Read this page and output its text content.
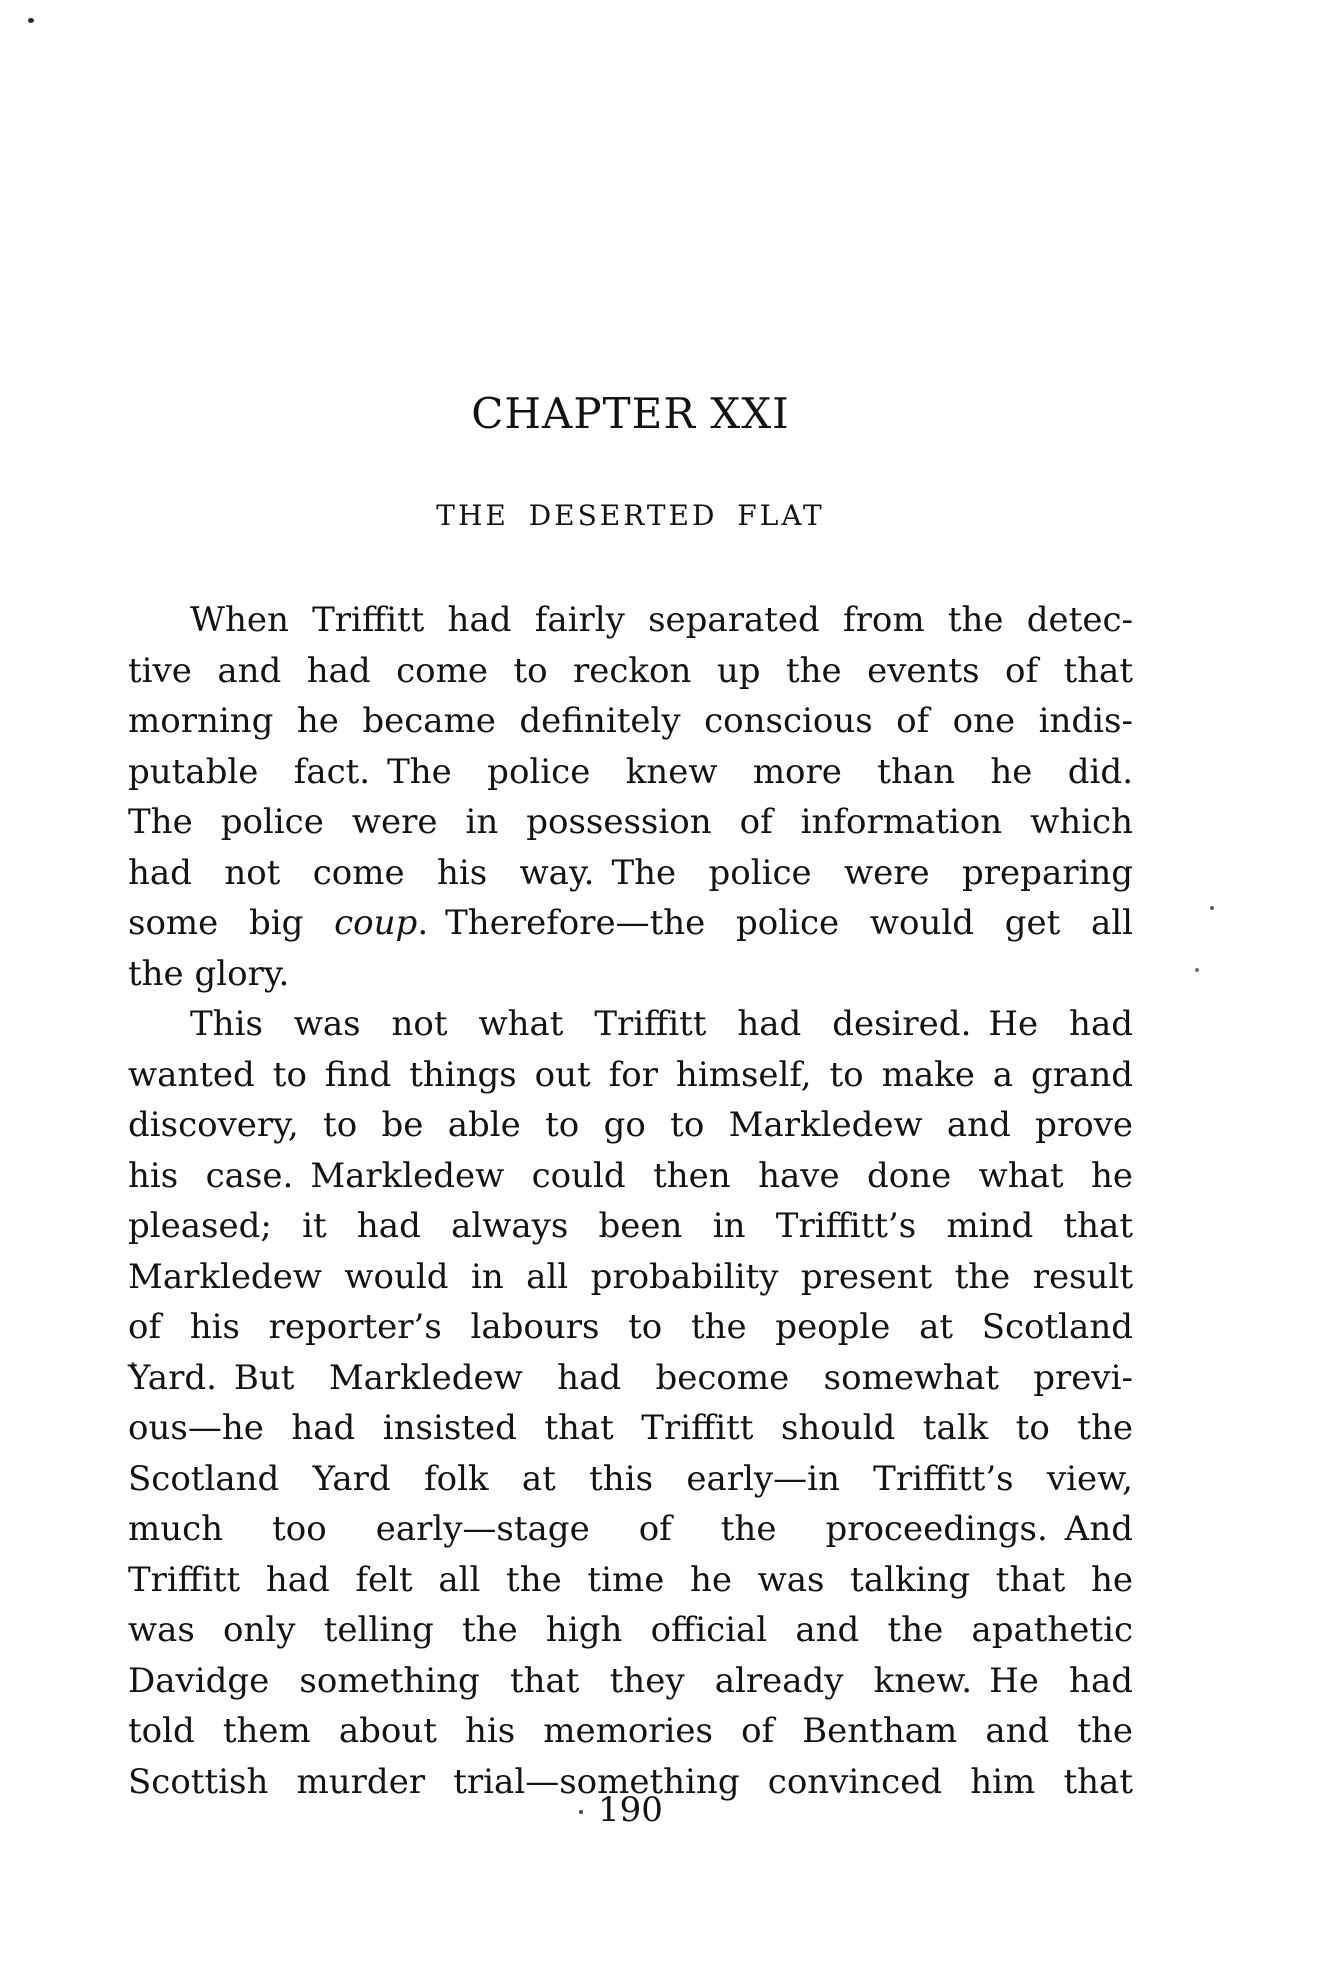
CHAPTER XXI
THE DESERTED FLAT
When Triffitt had fairly separated from the detec-
tive and had come to reckon up the events of that
morning he became definitely conscious of one indis-
putable fact. The police knew more than he did.
The police were in possession of information which
had not come his way. The police were preparing
some big coup. Therefore—the police would get all
the glory.
This was not what Triffitt had desired. He had
wanted to find things out for himself, to make a grand
discovery, to be able to go to Markledew and prove
his case. Markledew could then have done what he
pleased; it had always been in Triffitt’s mind that
Markledew would in all probability present the result
of his reporter’s labours to the people at Scotland
Yard. But Markledew had become somewhat previ-
ous—he had insisted that Triffitt should talk to the
Scotland Yard folk at this early—in Triffitt’s view,
much too early—stage of the proceedings. And
Triffitt had felt all the time he was talking that he
was only telling the high official and the apathetic
Davidge something that they already knew. He had
told them about his memories of Bentham and the
Scottish murder trial—something convinced him that
190
